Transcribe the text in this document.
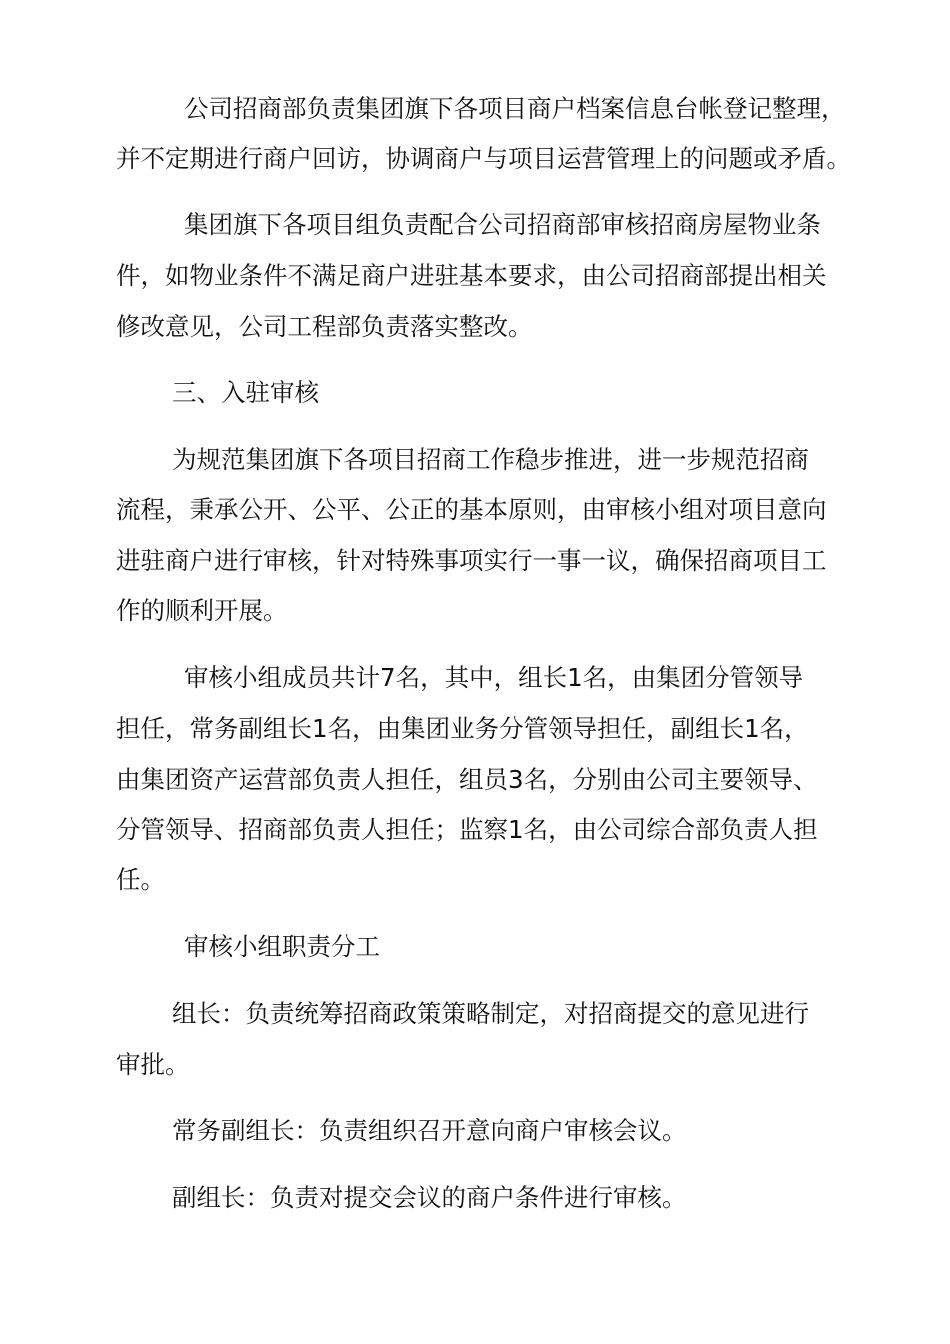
公司招商部负责集团旗下各项目商户档案信息台帐登记整理，
并不定期进行商户回访，协调商户与项目运营管理上的问题或矛盾。
集团旗下各项目组负责配合公司招商部审核招商房屋物业条
件，如物业条件不满足商户进驻基本要求，由公司招商部提出相关
修改意见，公司工程部负责落实整改。
三、入驻审核
为规范集团旗下各项目招商工作稳步推进，进一步规范招商
流程，秉承公开、公平、公正的基本原则，由审核小组对项目意向
进驻商户进行审核，针对特殊事项实行一事一议，确保招商项目工
作的顺利开展。
审核小组成员共计7名，其中，组长1名，由集团分管领导
担任，常务副组长1名，由集团业务分管领导担任，副组长1名，
由集团资产运营部负责人担任，组员3名，分别由公司主要领导、
分管领导、招商部负责人担任；监察1名，由公司综合部负责人担
任。
审核小组职责分工
组长：负责统筹招商政策策略制定，对招商提交的意见进行
审批。
常务副组长：负责组织召开意向商户审核会议。
副组长：负责对提交会议的商户条件进行审核。
